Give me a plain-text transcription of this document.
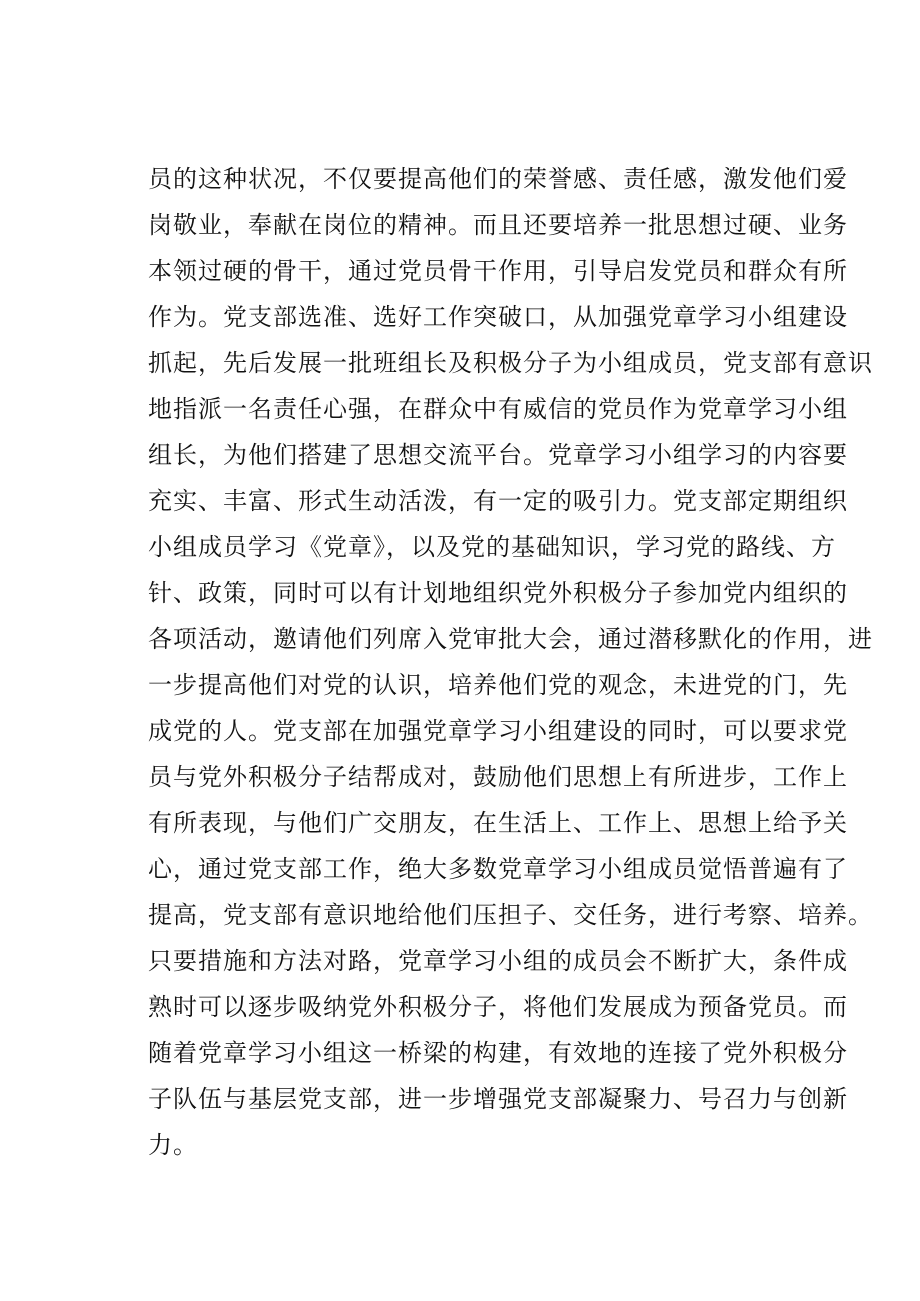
员的这种状况，不仅要提高他们的荣誉感、责任感，激发他们爱
岗敬业，奉献在岗位的精神。而且还要培养一批思想过硬、业务
本领过硬的骨干，通过党员骨干作用，引导启发党员和群众有所
作为。党支部选准、选好工作突破口，从加强党章学习小组建设
抓起，先后发展一批班组长及积极分子为小组成员，党支部有意识
地指派一名责任心强，在群众中有威信的党员作为党章学习小组
组长，为他们搭建了思想交流平台。党章学习小组学习的内容要
充实、丰富、形式生动活泼，有一定的吸引力。党支部定期组织
小组成员学习《党章》，以及党的基础知识，学习党的路线、方
针、政策，同时可以有计划地组织党外积极分子参加党内组织的
各项活动，邀请他们列席入党审批大会，通过潜移默化的作用，进
一步提高他们对党的认识，培养他们党的观念，未进党的门，先
成党的人。党支部在加强党章学习小组建设的同时，可以要求党
员与党外积极分子结帮成对，鼓励他们思想上有所进步，工作上
有所表现，与他们广交朋友，在生活上、工作上、思想上给予关
心，通过党支部工作，绝大多数党章学习小组成员觉悟普遍有了
提高，党支部有意识地给他们压担子、交任务，进行考察、培养。
只要措施和方法对路，党章学习小组的成员会不断扩大，条件成
熟时可以逐步吸纳党外积极分子，将他们发展成为预备党员。而
随着党章学习小组这一桥梁的构建，有效地的连接了党外积极分
子队伍与基层党支部，进一步增强党支部凝聚力、号召力与创新
力。
